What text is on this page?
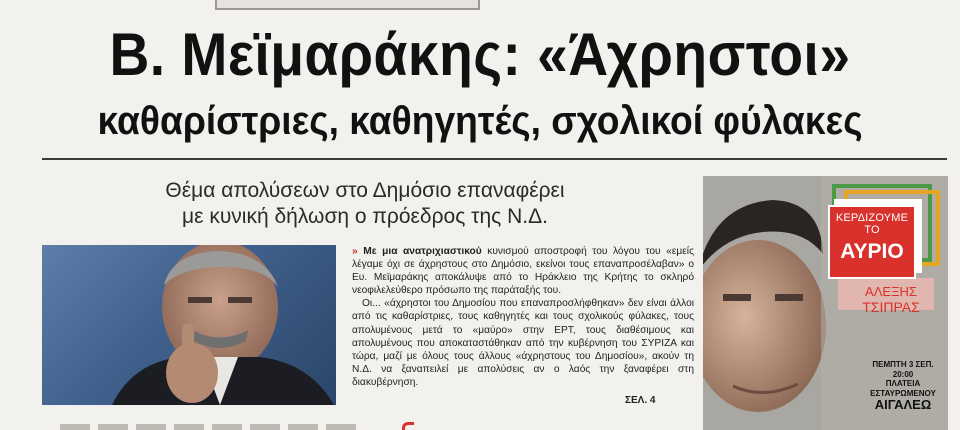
Β. Μεϊμαράκης: «Άχρηστοι»
καθαρίστριες, καθηγητές, σχολικοί φύλακες
Θέμα απολύσεων στο Δημόσιο επαναφέρει
με κυνική δήλωση ο πρόεδρος της Ν.Δ.

» Με μια ανατριχιαστικού κυνισμού αποστροφή του λόγου του «εμείς λέγαμε όχι σε άχρηστους στο Δημόσιο, εκείνοι τους επαναπροσέλαβαν» ο Ευ. Μεϊμαράκης αποκάλυψε από το Ηράκλειο της Κρήτης το σκληρό νεοφιλελεύθερο πρόσωπο της παράταξής του.

Οι... «άχρηστοι του Δημοσίου που επαναπροσλήφθηκαν» δεν είναι άλλοι από τις καθαρίστριες, τους καθηγητές και τους σχολικούς φύλακες, τους απολυμένους μετά το «μαύρο» στην ΕΡΤ, τους διαθέσιμους και απολυμένους που αποκαταστάθηκαν από την κυβέρνηση του ΣΥΡΙΖΑ και τώρα, μαζί με όλους τους άλλους «άχρηστους του Δημοσίου», ακούν τη Ν.Δ. να ξαναπειλεί με απολύσεις αν ο λαός την ξαναφέρει στη διακυβέρνηση.

ΣΕΛ. 4
ΚΕΡΔΙΖΟΥΜΕ ΤΟ
ΑΥΡΙΟ
ΑΛΕΞΗΣ
ΤΣΙΠΡΑΣ
ΠΕΜΠΤΗ 3 ΣΕΠ.
20:00
ΠΛΑΤΕΙΑ
ΕΣΤΑΥΡΩΜΕΝΟΥ
ΑΙΓΑΛΕΩ
